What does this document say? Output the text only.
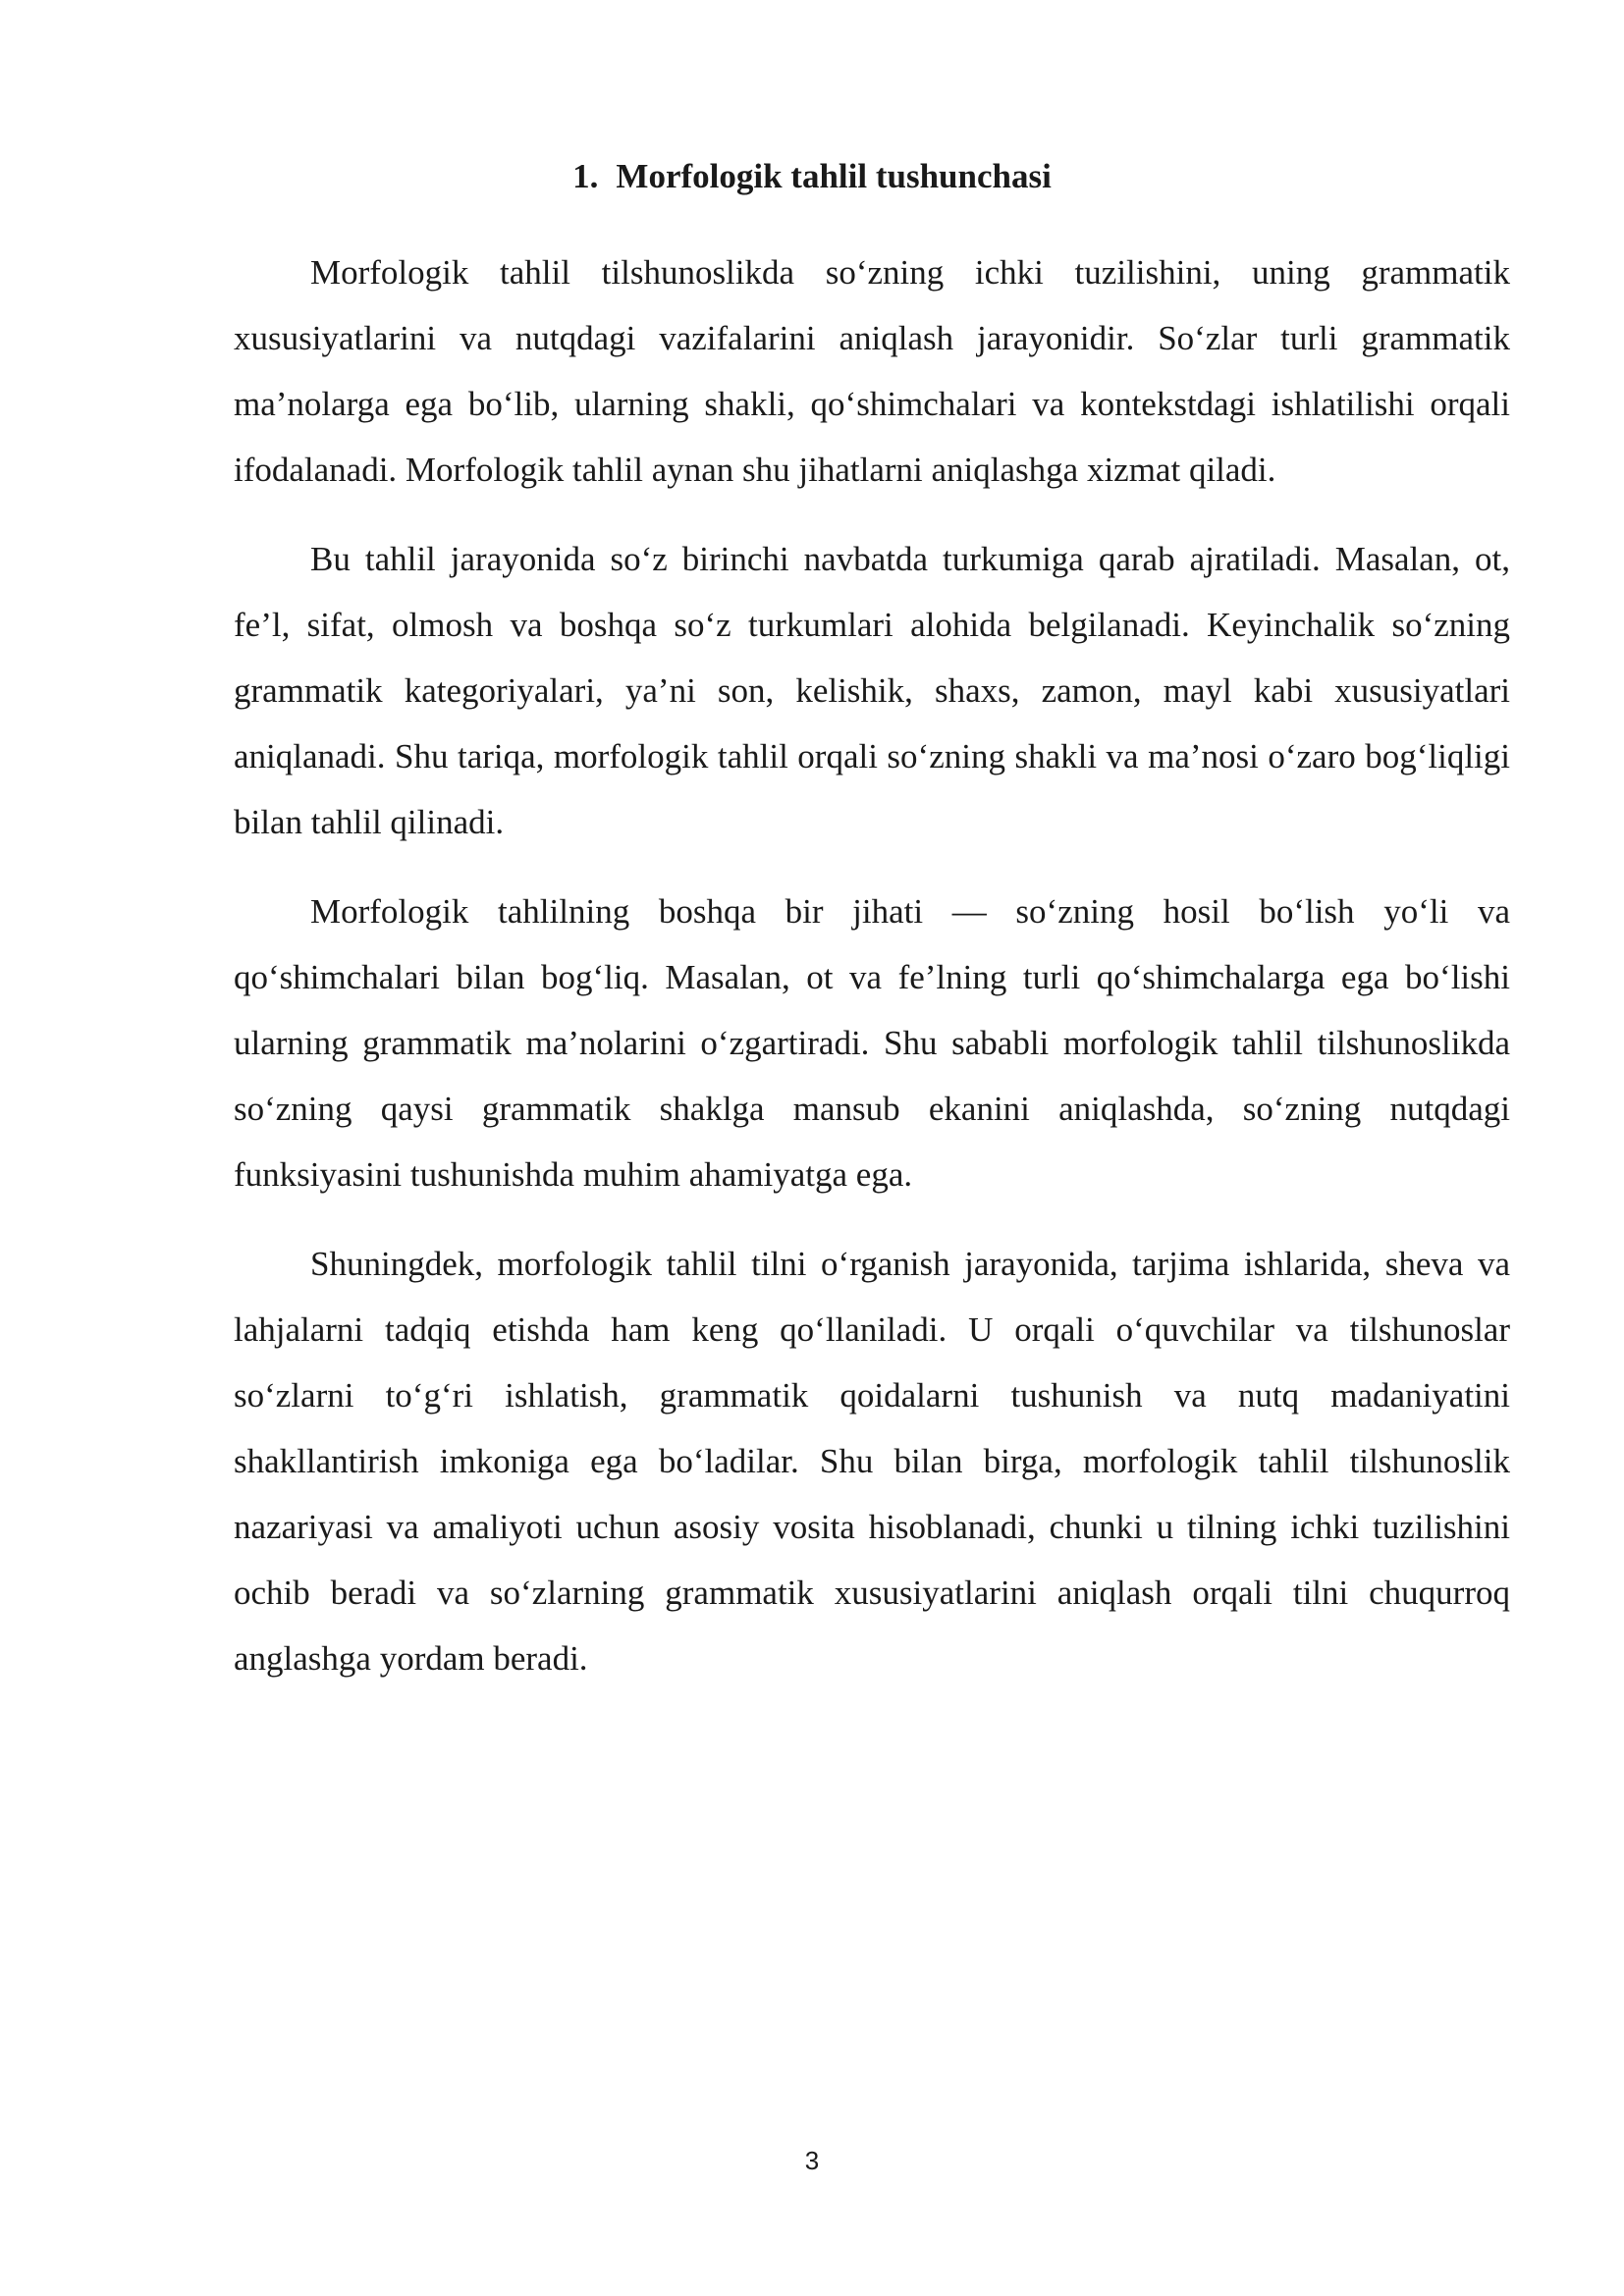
1. Morfologik tahlil tushunchasi

Morfologik tahlil tilshunoslikda so‘zning ichki tuzilishini, uning grammatik xususiyatlarini va nutqdagi vazifalarini aniqlash jarayonidir. So‘zlar turli grammatik ma’nolarga ega bo‘lib, ularning shakli, qo‘shimchalari va kontekstdagi ishlatilishi orqali ifodalanadi. Morfologik tahlil aynan shu jihatlarni aniqlashga xizmat qiladi.

Bu tahlil jarayonida so‘z birinchi navbatda turkumiga qarab ajratiladi. Masalan, ot, fe’l, sifat, olmosh va boshqa so‘z turkumlari alohida belgilanadi. Keyinchalik so‘zning grammatik kategoriyalari, ya’ni son, kelishik, shaxs, zamon, mayl kabi xususiyatlari aniqlanadi. Shu tariqa, morfologik tahlil orqali so‘zning shakli va ma’nosi o‘zaro bog‘liqligi bilan tahlil qilinadi.

Morfologik tahlilning boshqa bir jihati — so‘zning hosil bo‘lish yo‘li va qo‘shimchalari bilan bog‘liq. Masalan, ot va fe’lning turli qo‘shimchalarga ega bo‘lishi ularning grammatik ma’nolarini o‘zgartiradi. Shu sababli morfologik tahlil tilshunoslikda so‘zning qaysi grammatik shaklga mansub ekanini aniqlashda, so‘zning nutqdagi funksiyasini tushunishda muhim ahamiyatga ega.

Shuningdek, morfologik tahlil tilni o‘rganish jarayonida, tarjima ishlarida, sheva va lahjalarni tadqiq etishda ham keng qo‘llaniladi. U orqali o‘quvchilar va tilshunoslar so‘zlarni to‘g‘ri ishlatish, grammatik qoidalarni tushunish va nutq madaniyatini shakllantirish imkoniga ega bo‘ladilar. Shu bilan birga, morfologik tahlil tilshunoslik nazariyasi va amaliyoti uchun asosiy vosita hisoblanadi, chunki u tilning ichki tuzilishini ochib beradi va so‘zlarning grammatik xususiyatlarini aniqlash orqali tilni chuqurroq anglashga yordam beradi.

3
